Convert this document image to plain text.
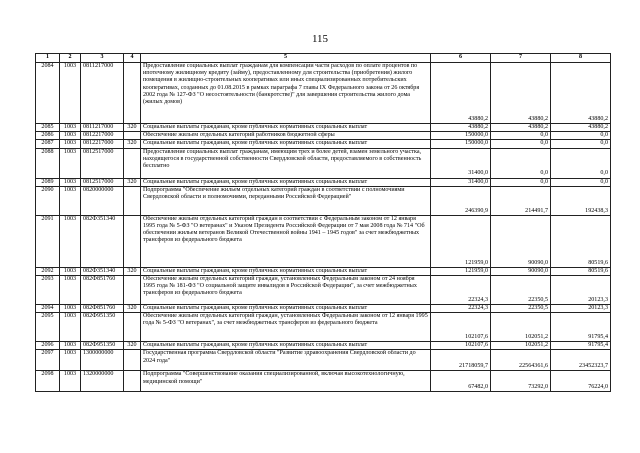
115
1	2	3	4	5	6	7	8
2084	1003	0811217000		Предоставление социальных выплат гражданам для компенсации части расходов по оплате процентов по ипотечному жилищному кредиту (займу), предоставленному для строительства (приобретения) жилого помещения в жилищно-строительных кооперативах или иных специализированных потребительских кооперативах, созданных до 01.08.2015 в рамках параграфа 7 главы IX Федерального закона от 26 октября 2002 года № 127-ФЗ "О несостоятельности (банкротстве)" для завершения строительства жилого дома (жилых домов)	43880,2	43880,2	43880,2
2085	1003	0811217000	320	Социальные выплаты гражданам, кроме публичных нормативных социальных выплат	43880,2	43880,2	43880,2
2086	1003	0812217000		Обеспечение жильем отдельных категорий работников бюджетной сферы	150000,0	0,0	0,0
2087	1003	0812217000	320	Социальные выплаты гражданам, кроме публичных нормативных социальных выплат	150000,0	0,0	0,0
2088	1003	0812517000		Предоставление социальных выплат гражданам, имеющим трех и более детей, взамен земельного участка, находящегося в государственной собственности Свердловской области, предоставляемого в собственность бесплатно	31400,0	0,0	0,0
2089	1003	0812517000	320	Социальные выплаты гражданам, кроме публичных нормативных социальных выплат	31400,0	0,0	0,0
2090	1003	0820000000		Подпрограмма "Обеспечение жильем отдельных категорий граждан в соответствии с полномочиями Свердловской области и полномочиями, переданными Российской Федерацией"	246390,9	214491,7	192438,3
2091	1003	082Ф351340		Обеспечение жильем отдельных категорий граждан в соответствии с Федеральным законом от 12 января 1995 года № 5-ФЗ "О ветеранах" и Указом Президента Российской Федерации от 7 мая 2008 года № 714 "Об обеспечении жильем ветеранов Великой Отечественной войны 1941 – 1945 годов" за счет межбюджетных трансферов из федерального бюджета	121959,0	90090,0	80519,6
2092	1003	082Ф351340	320	Социальные выплаты гражданам, кроме публичных нормативных социальных выплат	121959,0	90090,0	80519,6
2093	1003	082Ф851760		Обеспечение жильем отдельных категорий граждан, установленных Федеральным законом от 24 ноября 1995 года № 181-ФЗ "О социальной защите инвалидов в Российской Федерации", за счет межбюджетных трансферов из федерального бюджета	22324,3	22350,5	20123,3
2094	1003	082Ф851760	320	Социальные выплаты гражданам, кроме публичных нормативных социальных выплат	22324,3	22350,5	20123,3
2095	1003	082Ф951350		Обеспечение жильем отдельных категорий граждан, установленных Федеральным законом от 12 января 1995 года № 5-ФЗ "О ветеранах", за счет межбюджетных трансферов из федерального бюджета	102107,6	102051,2	91795,4
2096	1003	082Ф951350	320	Социальные выплаты гражданам, кроме публичных нормативных социальных выплат	102107,6	102051,2	91795,4
2097	1003	1300000000		Государственная программа Свердловской области "Развитие здравоохранения Свердловской области до 2024 года"	21718059,7	22564361,6	23452323,7
2098	1003	1320000000		Подпрограмма "Совершенствование оказания специализированной, включая высокотехнологичную, медицинской помощи"	67482,0	73292,0	76224,0
